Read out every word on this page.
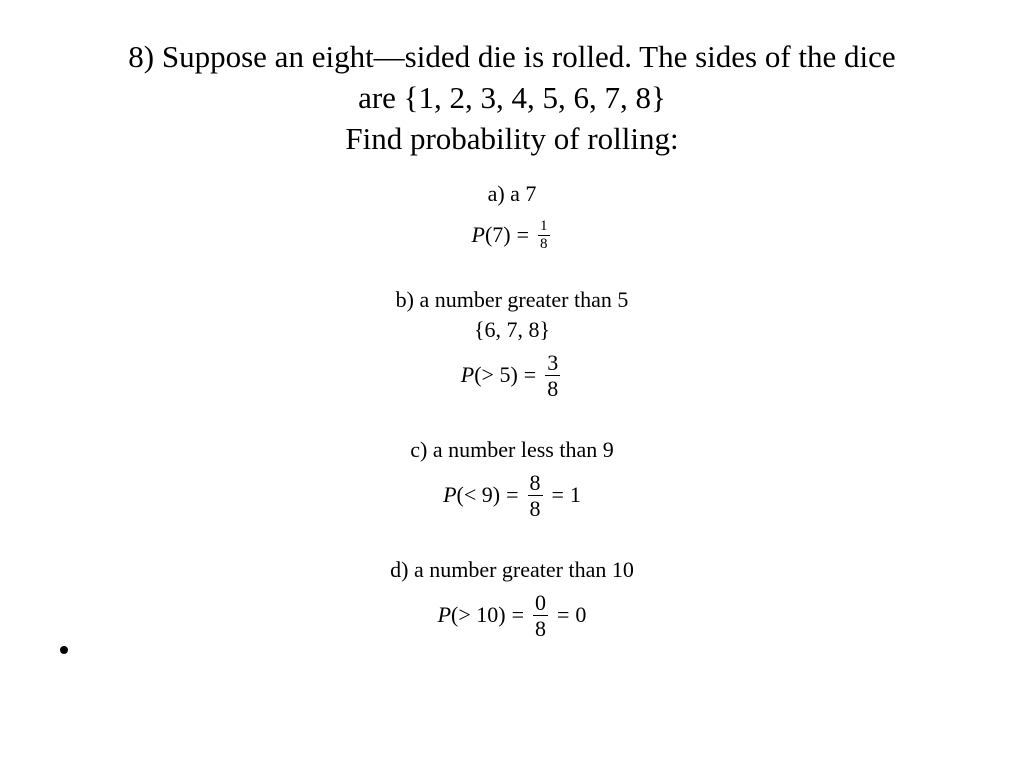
8) Suppose an eight—sided die is rolled. The sides of the dice
are {1, 2, 3, 4, 5, 6, 7, 8}
Find probability of rolling:
a) a 7
P $(7) = \frac{1}{8}$
b) a number greater than 5
{6, 7, 8}
P (> $5) = \frac{3}{8}$
c) a number less than 9
P (< $9) = \frac{8}{8} = 1$
d) a number greater than 10
P (> $10) = \frac{0}{8} = 0$
